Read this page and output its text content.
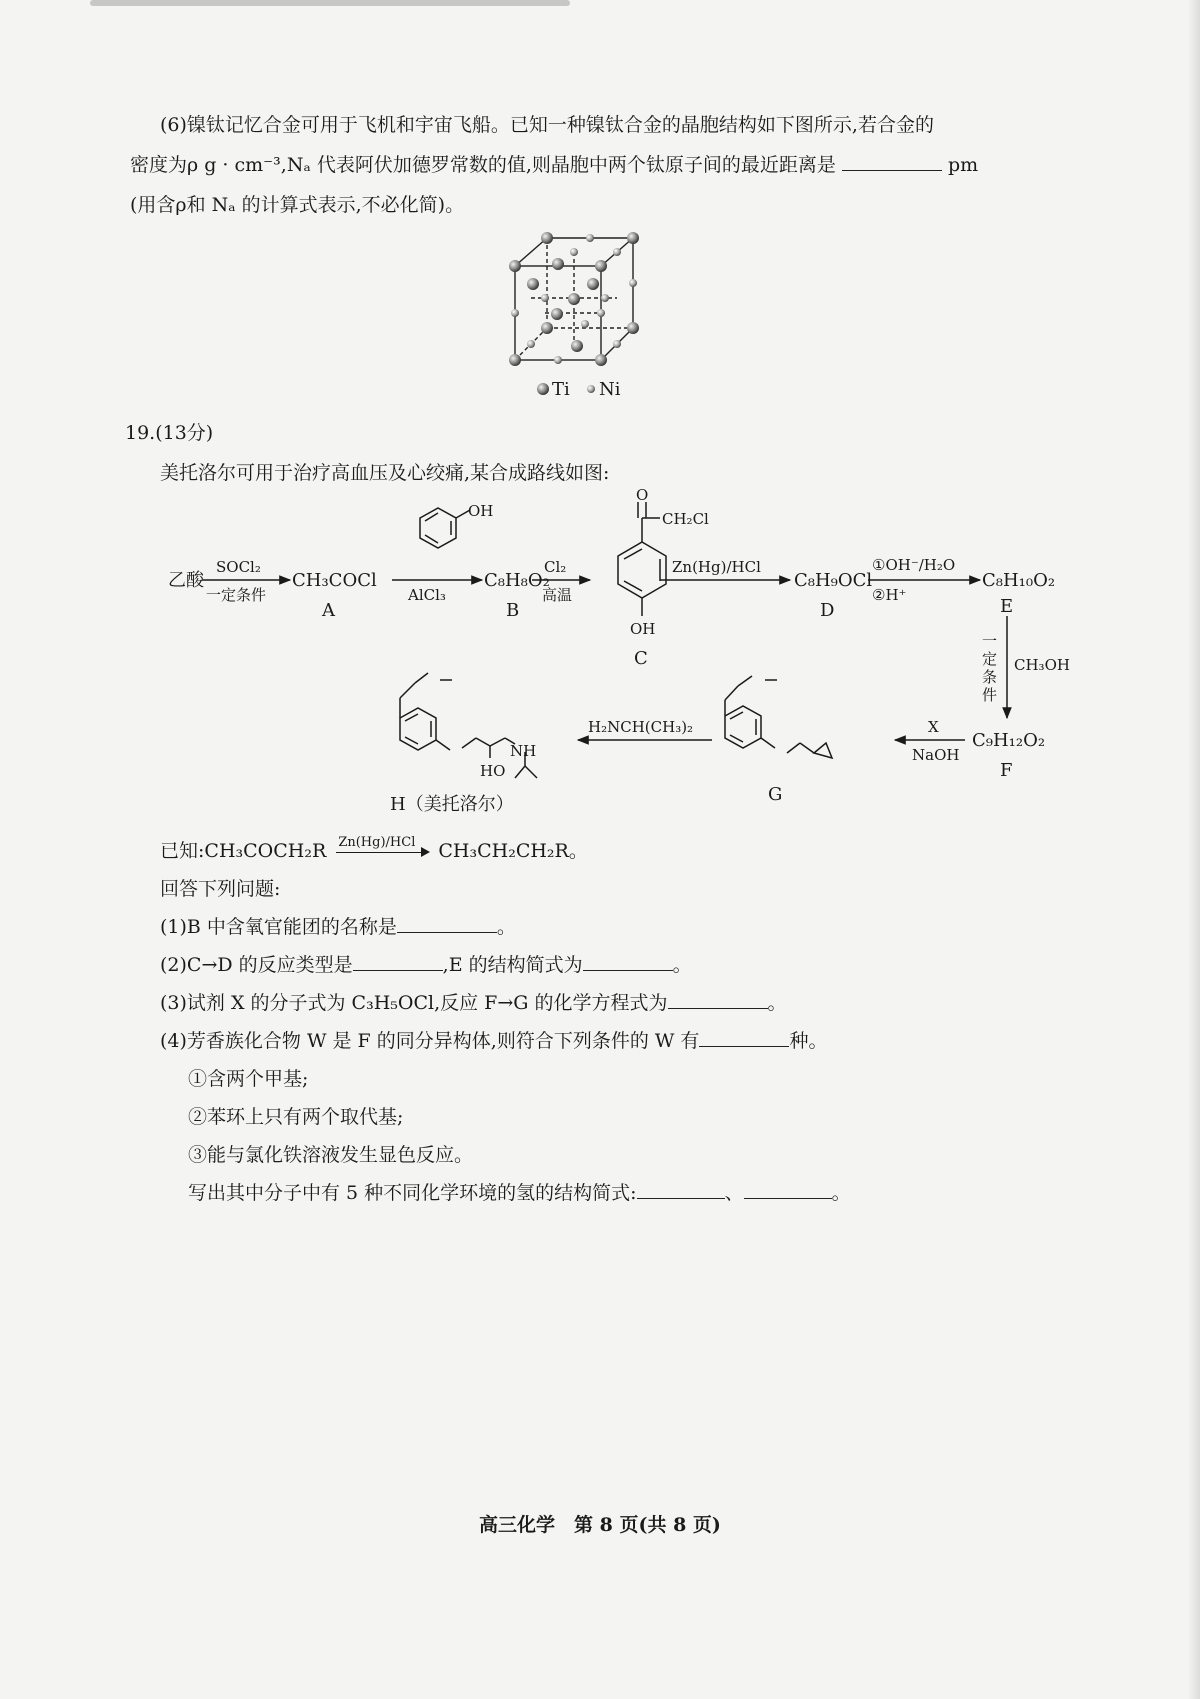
(6)镍钛记忆合金可用于飞机和宇宙飞船。已知一种镍钛合金的晶胞结构如下图所示,若合金的
密度为ρ g · cm⁻³,Nₐ 代表阿伏加德罗常数的值,则晶胞中两个钛原子间的最近距离是	pm
(用含ρ和 Nₐ 的计算式表示,不必化简)。
Ti Ni
19.(13分)
美托洛尔可用于治疗高血压及心绞痛,某合成路线如图:
乙酸
SOCl₂
一定条件
CH₃COCl
A
OH
AlCl₃
C₈H₈O₂
B
Cl₂
高温
O
CH₂Cl
OH
C
Zn(Hg)/HCl
C₈H₉OCl
D
①OH⁻/H₂O
②H⁺
C₈H₁₀O₂
E
一
定
条
件
CH₃OH
C₉H₁₂O₂
F
X
NaOH
G
H₂NCH(CH₃)₂
HO
NH
H（美托洛尔）
已知:CH₃COCH₂R Zn(Hg)/HCl CH₃CH₂CH₂R。
回答下列问题:
(1)B 中含氧官能团的名称是	。
(2)C→D 的反应类型是	,E 的结构简式为	。
(3)试剂 X 的分子式为 C₃H₅OCl,反应 F→G 的化学方程式为	。
(4)芳香族化合物 W 是 F 的同分异构体,则符合下列条件的 W 有	种。
①含两个甲基;
②苯环上只有两个取代基;
③能与氯化铁溶液发生显色反应。
写出其中分子中有 5 种不同化学环境的氢的结构简式:	、	。
高三化学　第 8 页(共 8 页)
